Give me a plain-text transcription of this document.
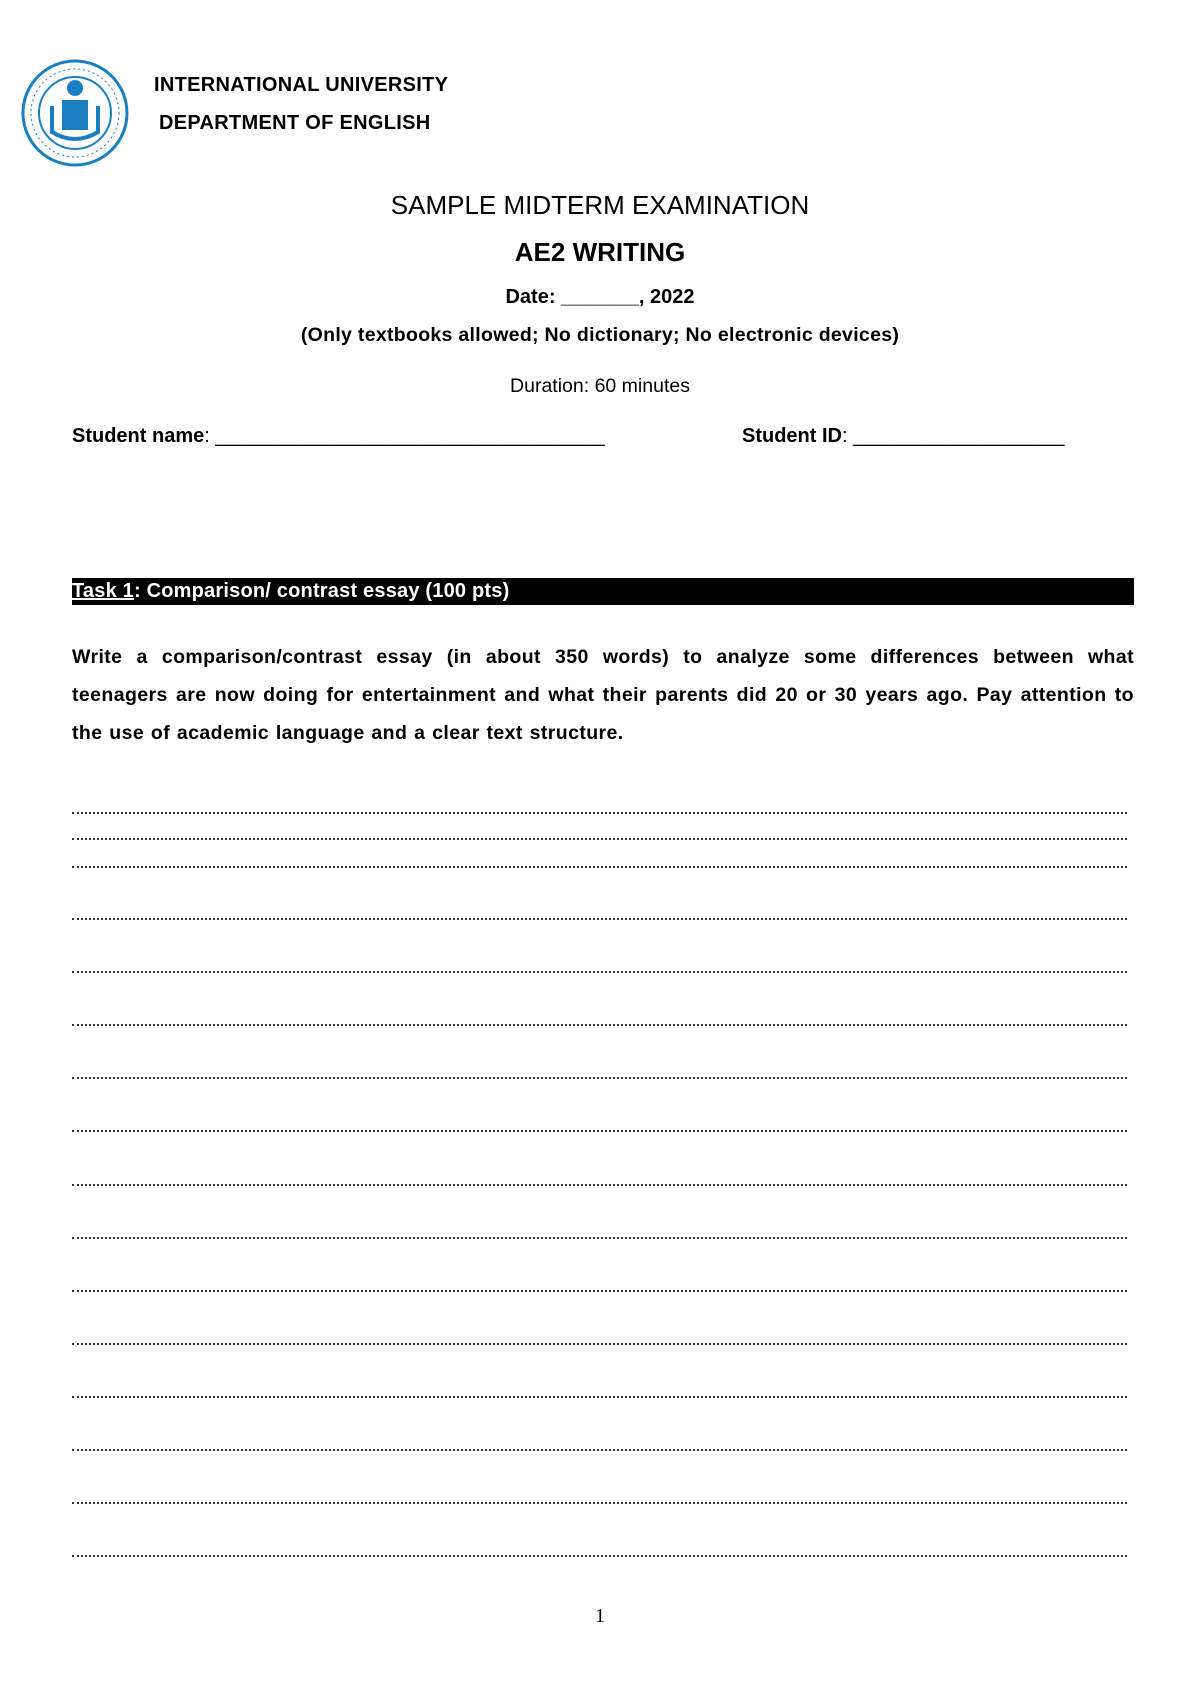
INTERNATIONAL UNIVERSITY
DEPARTMENT OF ENGLISH
SAMPLE MIDTERM EXAMINATION
AE2 WRITING
Date: _______, 2022
(Only textbooks allowed; No dictionary; No electronic devices)
Duration: 60 minutes
Student name: ___________________________________	Student ID: ___________________
Task 1: Comparison/ contrast essay (100 pts)
Write a comparison/contrast essay (in about 350 words) to analyze some differences between what teenagers are now doing for entertainment and what their parents did 20 or 30 years ago. Pay attention to the use of academic language and a clear text structure.
1
